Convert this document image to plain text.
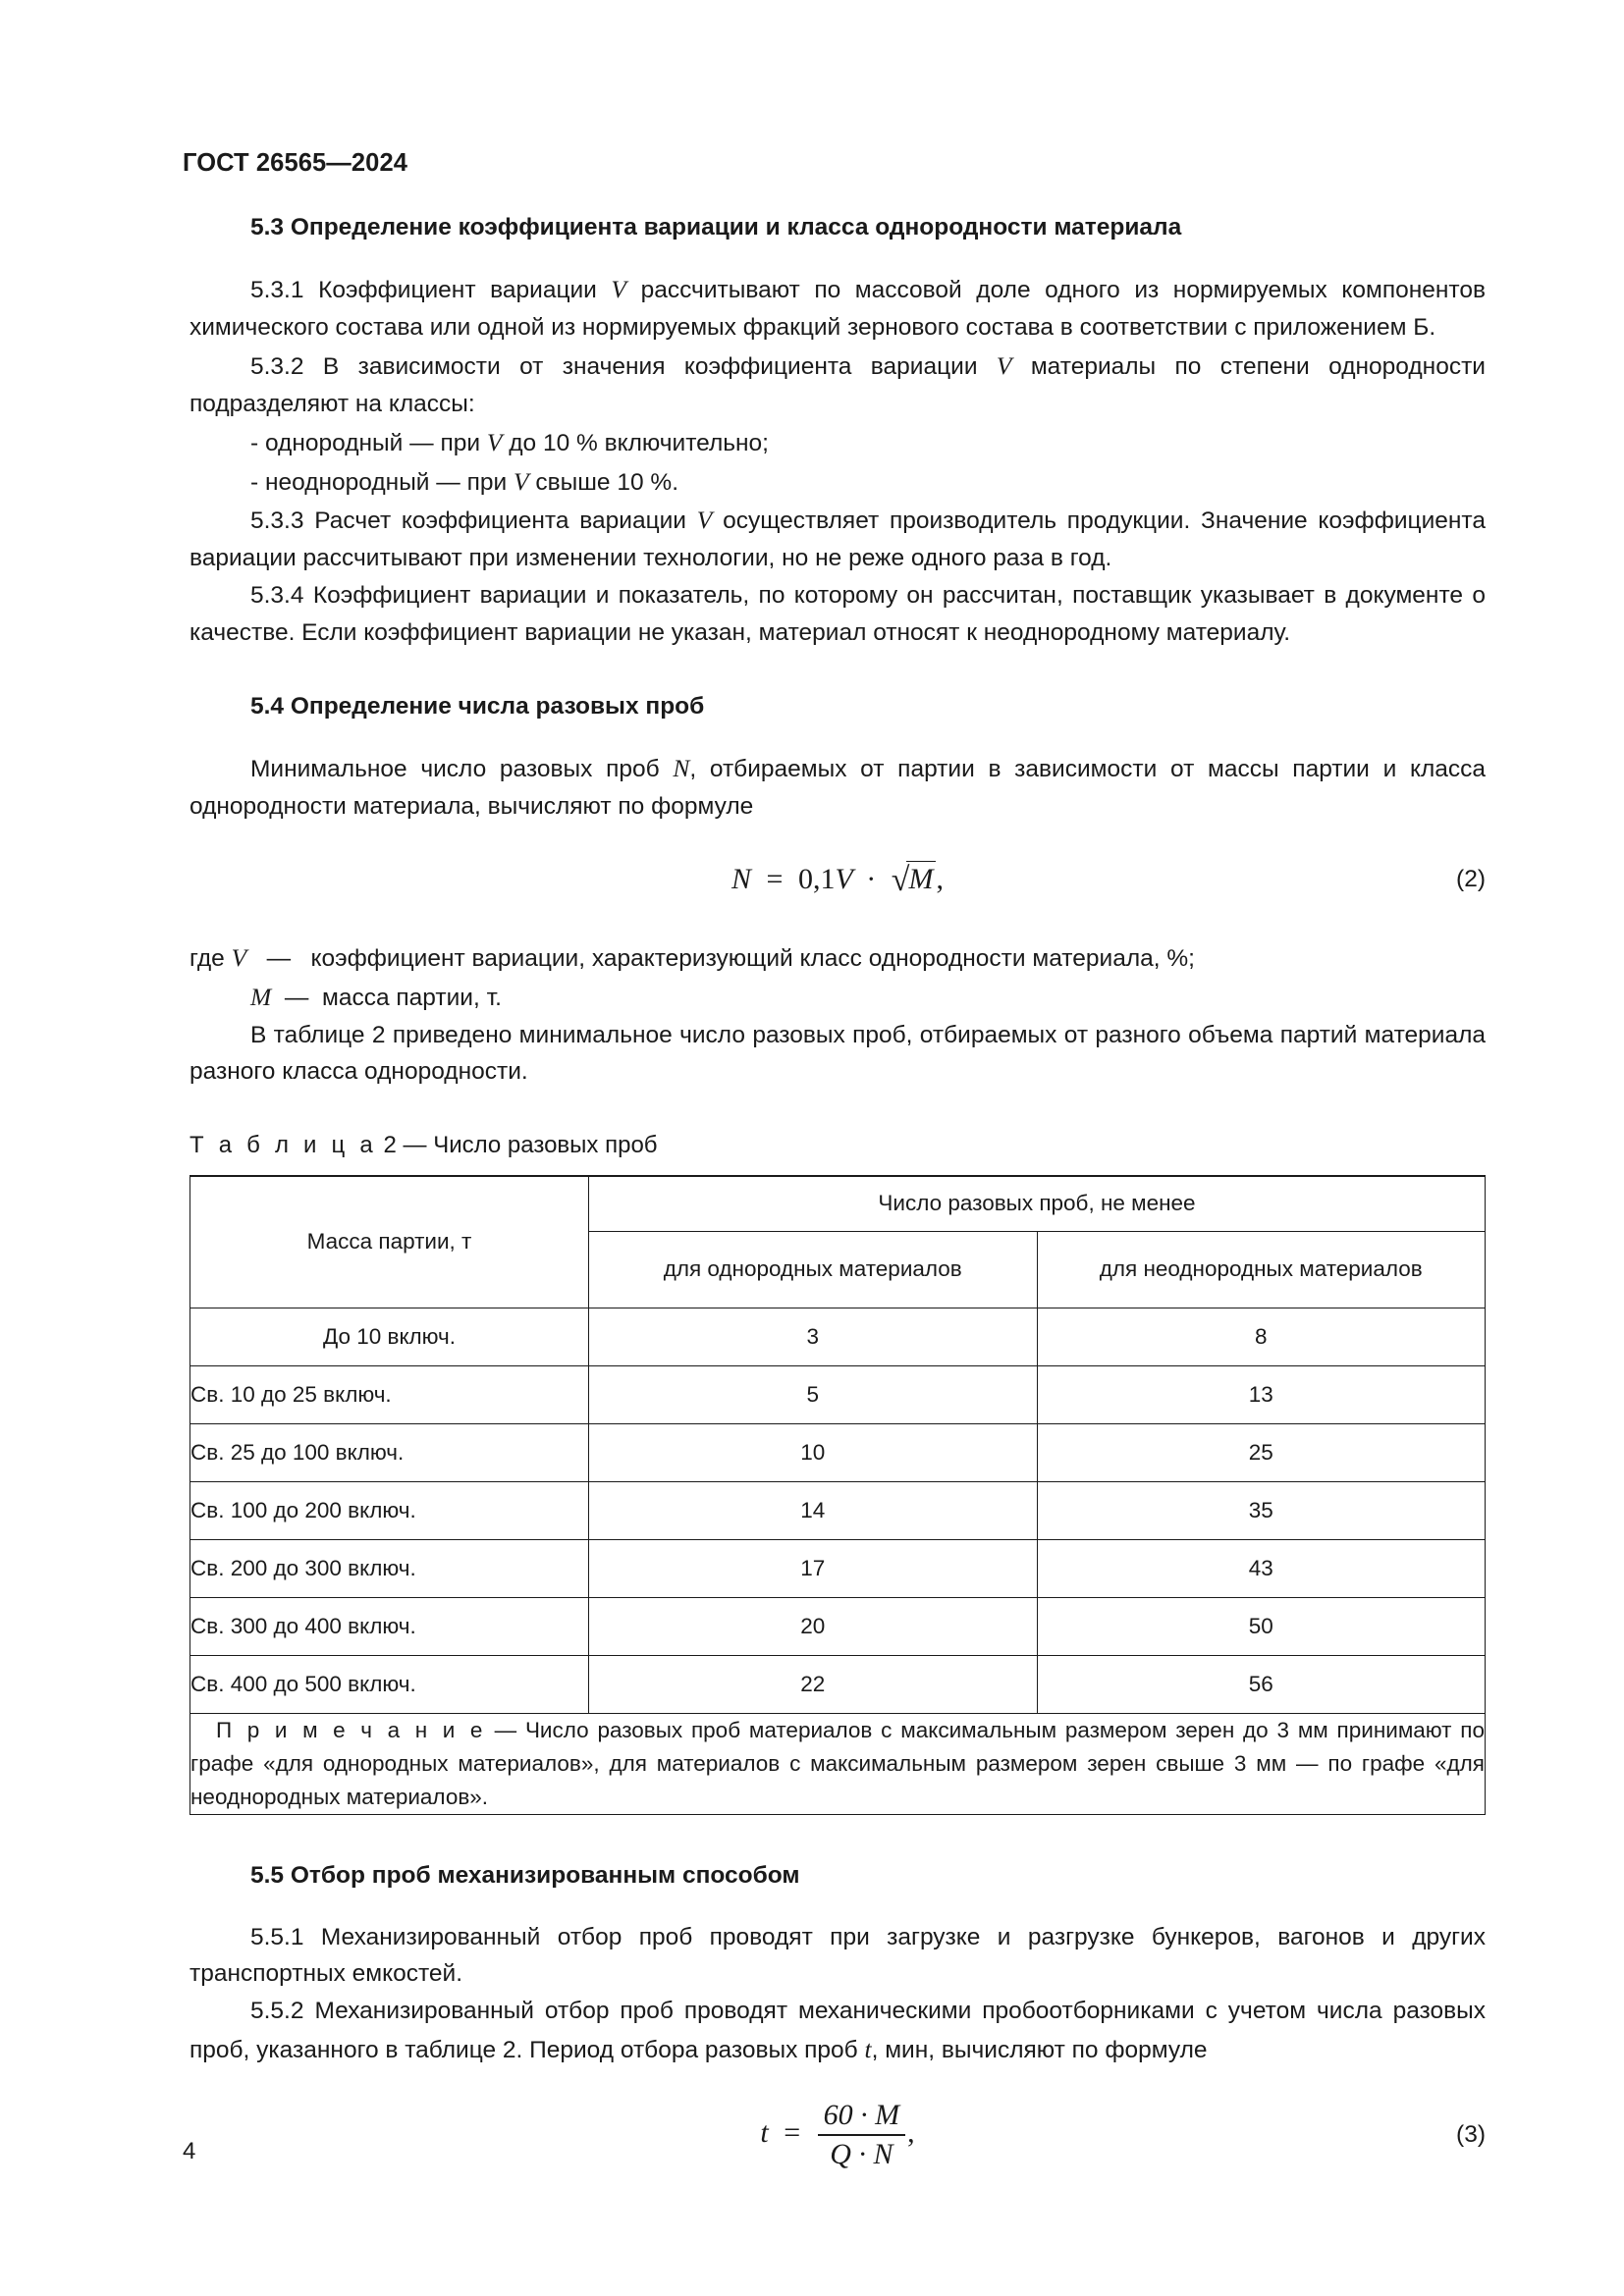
ГОСТ 26565—2024
5.3 Определение коэффициента вариации и класса однородности материала

5.3.1 Коэффициент вариации V рассчитывают по массовой доле одного из нормируемых компонентов химического состава или одной из нормируемых фракций зернового состава в соответствии с приложением Б.

5.3.2 В зависимости от значения коэффициента вариации V материалы по степени однородности подразделяют на классы:

- однородный — при V до 10 % включительно;

- неоднородный — при V свыше 10 %.

5.3.3 Расчет коэффициента вариации V осуществляет производитель продукции. Значение коэффициента вариации рассчитывают при изменении технологии, но не реже одного раза в год.

5.3.4 Коэффициент вариации и показатель, по которому он рассчитан, поставщик указывает в документе о качестве. Если коэффициент вариации не указан, материал относят к неоднородному материалу.

5.4 Определение числа разовых проб

Минимальное число разовых проб N, отбираемых от партии в зависимости от массы партии и класса однородности материала, вычисляют по формуле

N = 0,1V · √M ,	(2)

где V — коэффициент вариации, характеризующий класс однородности материала, %;

M — масса партии, т.

В таблице 2 приведено минимальное число разовых проб, отбираемых от разного объема партий материала разного класса однородности.

Т а б л и ц а 2 — Число разовых проб

Масса партии, т	Число разовых проб, не менее	
	для однородных материалов	для неоднородных материалов
До 10 включ.	3	8
Св. 10 до 25 включ.	5	13
Св. 25 до 100 включ.	10	25
Св. 100 до 200 включ.	14	35
Св. 200 до 300 включ.	17	43
Св. 300 до 400 включ.	20	50
Св. 400 до 500 включ.	22	56
П р и м е ч а н и е — Число разовых проб материалов с максимальным размером зерен до 3 мм принимают по графе «для однородных материалов», для материалов с максимальным размером зерен свыше 3 мм — по графе «для неоднородных материалов».		
5.5 Отбор проб механизированным способом

5.5.1 Механизированный отбор проб проводят при загрузке и разгрузке бункеров, вагонов и других транспортных емкостей.

5.5.2 Механизированный отбор проб проводят механическими пробоотборниками с учетом числа разовых проб, указанного в таблице 2. Период отбора разовых проб t, мин, вычисляют по формуле

$t = \frac{60 \cdot M}{Q \cdot N}$ ,	(3)
4
